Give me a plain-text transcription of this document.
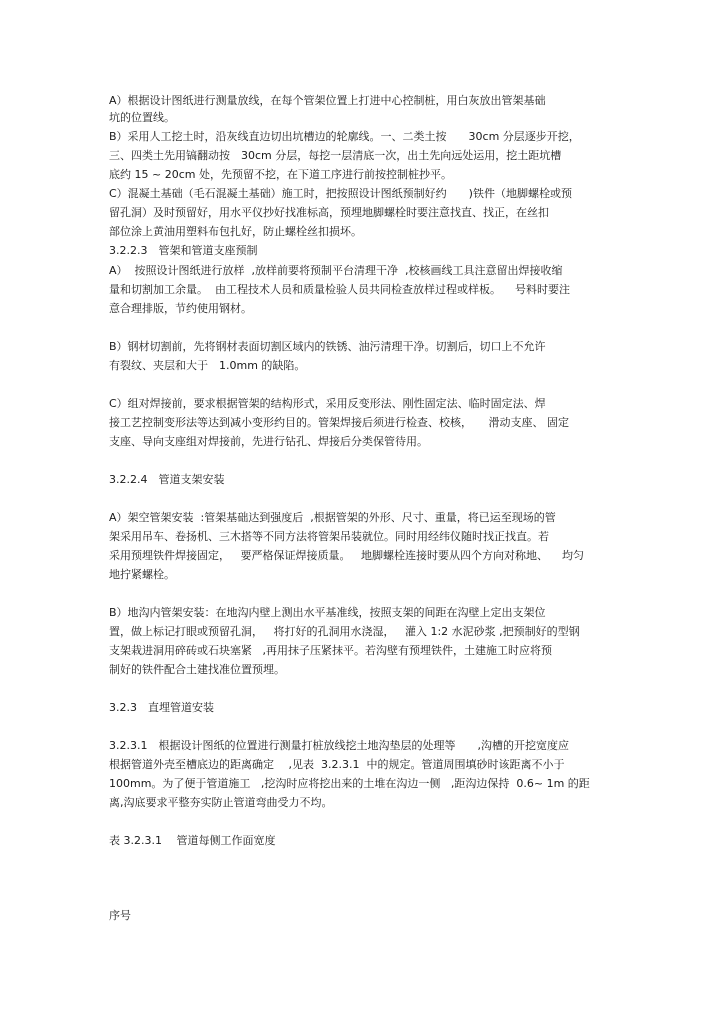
A）根据设计图纸进行测量放线，在每个管架位置上打进中心控制桩，用白灰放出管架基础
坑的位置线。
B）采用人工挖土时，沿灰线直边切出坑槽边的轮廓线。一、二类土按　　30cm 分层逐步开挖，
三、四类土先用镐翻动按　30cm 分层，每挖一层清底一次，出土先向远处运用，挖土距坑槽
底约 15 ~ 20cm 处，先预留不挖，在下道工序进行前按控制桩抄平。
C）混凝土基础（毛石混凝土基础）施工时，把按照设计图纸预制好约　　)铁件（地脚螺栓或预
留孔洞）及时预留好，用水平仪抄好找准标高，预埋地脚螺栓时要注意找直、找正，在丝扣
部位涂上黄油用塑料布包扎好，防止螺栓丝扣损坏。
3.2.2.3　管架和管道支座预制
A）  按照设计图纸进行放样  ,放样前要将预制平台清理干净  ,校核画线工具注意留出焊接收缩
量和切割加工余量。  由工程技术人员和质量检验人员共同检查放样过程或样板。    号料时要注
意合理排版，节约使用钢材。
B）钢材切割前，先将钢材表面切割区域内的铁锈、油污清理干净。切割后，切口上不允许
有裂纹、夹层和大于　1.0mm 的缺陷。
C）组对焊接前，要求根据管架的结构形式，采用反变形法、刚性固定法、临时固定法、焊
接工艺控制变形法等达到减小变形约目的。管架焊接后须进行检查、校核，　　滑动支座、 固定
支座、导向支座组对焊接前，先进行钻孔、焊接后分类保管待用。
3.2.2.4　管道支架安装
A）架空管架安装  :管架基础达到强度后  ,根据管架的外形、尺寸、重量，将已运至现场的管
架采用吊车、卷扬机、三木搭等不同方法将管架吊装就位。同时用经纬仪随时找正找直。若
采用预埋铁件焊接固定，   要严格保证焊接质量。   地脚螺栓连接时要从四个方向对称地、    均匀
地拧紧螺栓。
B）地沟内管架安装：在地沟内壁上测出水平基准线，按照支架的间距在沟壁上定出支架位
置，做上标记打眼或预留孔洞，   将打好的孔洞用水浇湿，   灌入 1:2 水泥砂浆 ,把预制好的型钢
支架栽进洞用碎砖或石块塞紧   ,再用抹子压紧抹平。若沟壁有预埋铁件，土建施工时应将预
制好的铁件配合土建找准位置预埋。
3.2.3　直埋管道安装
3.2.3.1　根据设计图纸的位置进行测量打桩放线挖土地沟垫层的处理等　　,沟槽的开挖宽度应
根据管道外壳至槽底边的距离确定　 ,见表  3.2.3.1  中的规定。管道周围填砂时该距离不小于
100mm。为了便于管道施工   ,挖沟时应将挖出来的土堆在沟边一侧   ,距沟边保持  0.6~ 1m 的距
离,沟底要求平整夯实防止管道弯曲受力不均。
表 3.2.3.1　 管道每侧工作面宽度
序号
